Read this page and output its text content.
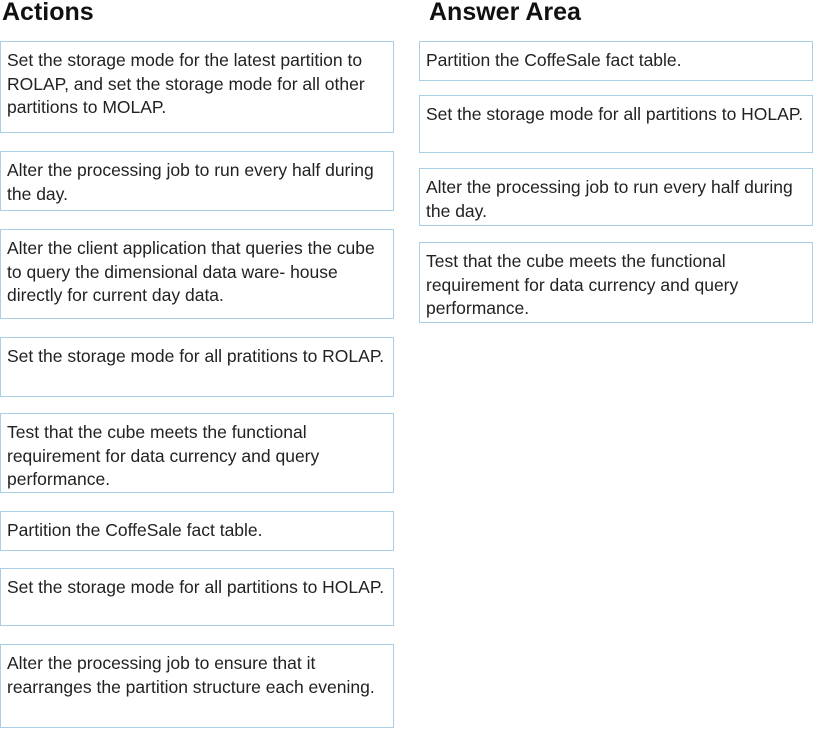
Actions	Answer Area
Set the storage mode for the latest partition to ROLAP, and set the storage mode for all other partitions to MOLAP.
Alter the processing job to run every half during the day.
Alter the client application that queries the cube to query the dimensional data ware- house directly for current day data.
Set the storage mode for all pratitions to ROLAP.
Test that the cube meets the functional requirement for data currency and query performance.
Partition the CoffeSale fact table.
Set the storage mode for all partitions to HOLAP.
Alter the processing job to ensure that it rearranges the partition structure each evening.
Partition the CoffeSale fact table.
Set the storage mode for all partitions to HOLAP.
Alter the processing job to run every half during the day.
Test that the cube meets the functional requirement for data currency and query performance.
